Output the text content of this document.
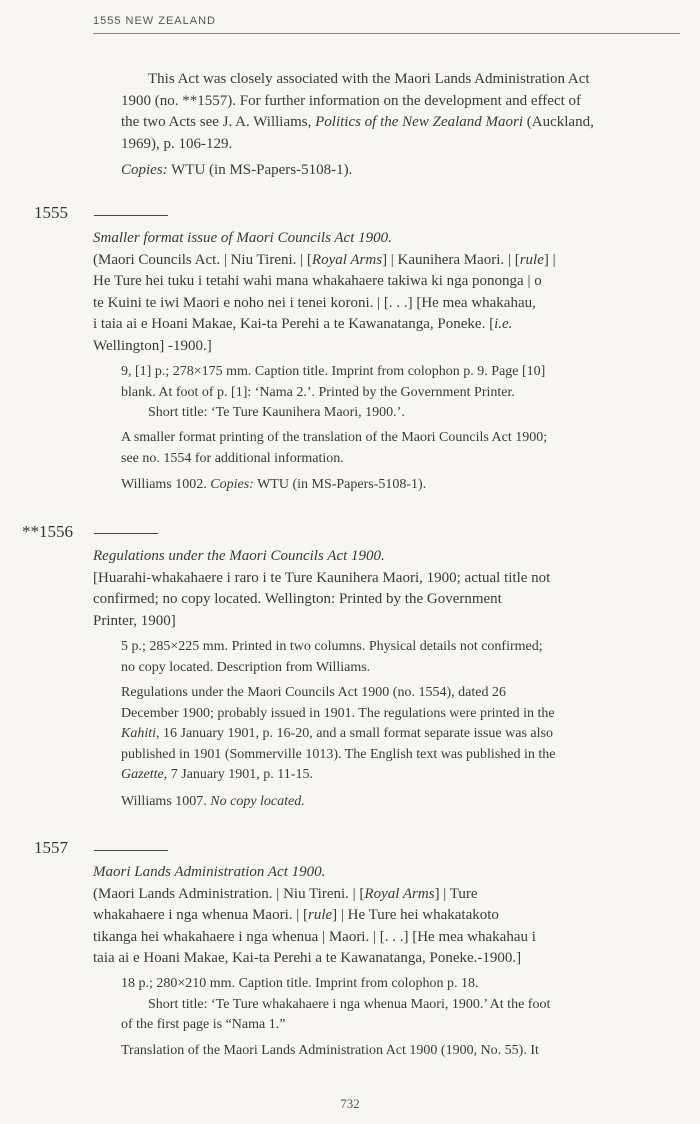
1555 NEW ZEALAND

This Act was closely associated with the Maori Lands Administration Act

1900 (no. **1557). For further information on the development and effect of

the two Acts see J. A. Williams, Politics of the New Zealand Maori (Auckland,

1969), p. 106-129.

Copies: WTU (in MS-Papers-5108-1).

1555

Smaller format issue of Maori Councils Act 1900.

(Maori Councils Act. | Niu Tireni. | [Royal Arms] | Kaunihera Maori. | [rule] |

He Ture hei tuku i tetahi wahi mana whakahaere takiwa ki nga ponongа | o

te Kuini te iwi Maori e noho nei i tenei koroni. | [. . .] [He mea whakahau,

i taia ai e Hoani Makae, Kai-ta Perehi a te Kawanatanga, Poneke. [i.e.

Wellington] -1900.]

9, [1] p.; 278×175 mm. Caption title. Imprint from colophon p. 9. Page [10]

blank. At foot of p. [1]: ‘Nama 2.’. Printed by the Government Printer.

Short title: ‘Te Ture Kaunihera Maori, 1900.’.

A smaller format printing of the translation of the Maori Councils Act 1900;

see no. 1554 for additional information.

Williams 1002. Copies: WTU (in MS-Papers-5108-1).

**1556

Regulations under the Maori Councils Act 1900.

[Huarahi-whakahaere i raro i te Ture Kaunihera Maori, 1900; actual title not

confirmed; no copy located. Wellington: Printed by the Government

Printer, 1900]

5 p.; 285×225 mm. Printed in two columns. Physical details not confirmed;

no copy located. Description from Williams.

Regulations under the Maori Councils Act 1900 (no. 1554), dated 26

December 1900; probably issued in 1901. The regulations were printed in the

Kahiti, 16 January 1901, p. 16-20, and a small format separate issue was also

published in 1901 (Sommerville 1013). The English text was published in the

Gazette, 7 January 1901, p. 11-15.

Williams 1007. No copy located.

1557

Maori Lands Administration Act 1900.

(Maori Lands Administration. | Niu Tireni. | [Royal Arms] | Ture

whakahaere i nga whenua Maori. | [rule] | He Ture hei whakatakoto

tikanga hei whakahaere i nga whenua | Maori. | [. . .] [He mea whakahau i

taia ai e Hoani Makae, Kai-ta Perehi a te Kawanatanga, Poneke.-1900.]

18 p.; 280×210 mm. Caption title. Imprint from colophon p. 18.

Short title: ‘Te Ture whakahaere i nga whenua Maori, 1900.’ At the foot

of the first page is “Nama 1.”

Translation of the Maori Lands Administration Act 1900 (1900, No. 55). It

732
